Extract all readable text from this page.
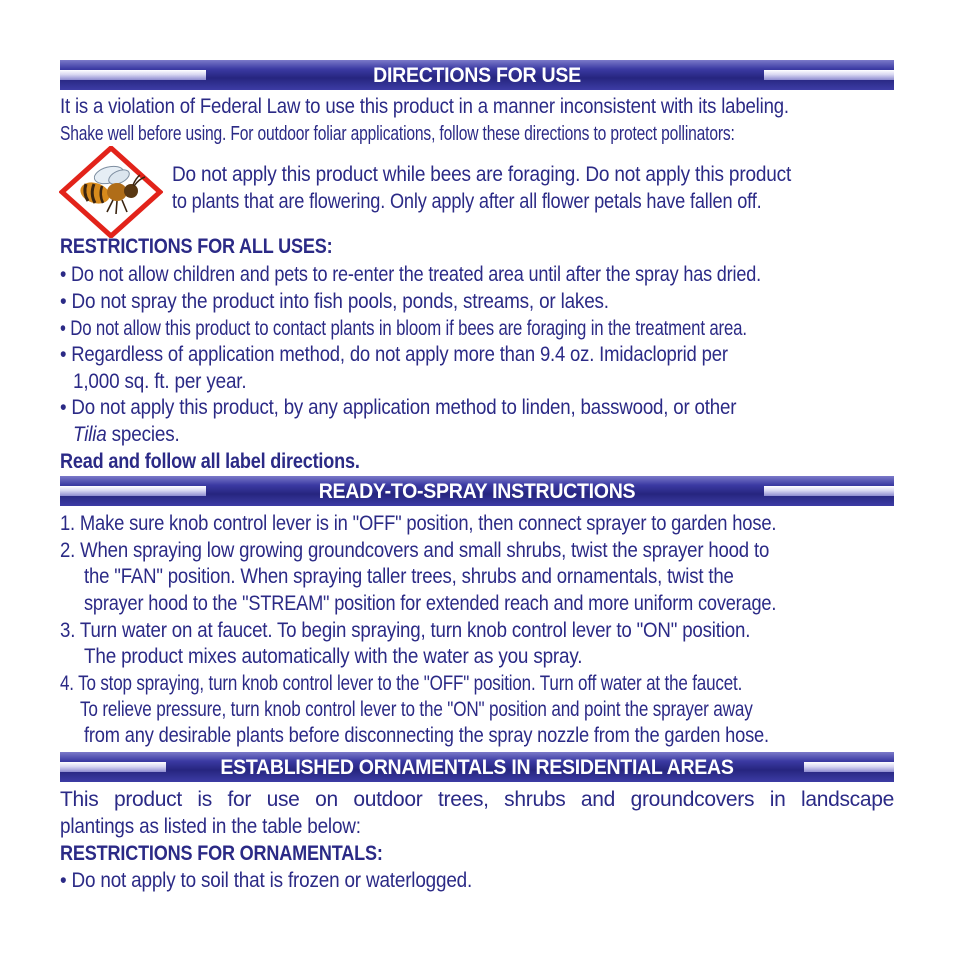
DIRECTIONS FOR USE
It is a violation of Federal Law to use this product in a manner inconsistent with its labeling.
Shake well before using. For outdoor foliar applications, follow these directions to protect pollinators:
Do not apply this product while bees are foraging. Do not apply this product
to plants that are flowering. Only apply after all flower petals have fallen off.
RESTRICTIONS FOR ALL USES:
• Do not allow children and pets to re-enter the treated area until after the spray has dried.
• Do not spray the product into fish pools, ponds, streams, or lakes.
• Do not allow this product to contact plants in bloom if bees are foraging in the treatment area.
• Regardless of application method, do not apply more than 9.4 oz. Imidacloprid per
1,000 sq. ft. per year.
• Do not apply this product, by any application method to linden, basswood, or other
Tilia species.
Read and follow all label directions.
READY-TO-SPRAY INSTRUCTIONS
1. Make sure knob control lever is in "OFF" position, then connect sprayer to garden hose.
2. When spraying low growing groundcovers and small shrubs, twist the sprayer hood to
the "FAN" position. When spraying taller trees, shrubs and ornamentals, twist the
sprayer hood to the "STREAM" position for extended reach and more uniform coverage.
3. Turn water on at faucet. To begin spraying, turn knob control lever to "ON" position.
The product mixes automatically with the water as you spray.
4. To stop spraying, turn knob control lever to the "OFF" position. Turn off water at the faucet.
To relieve pressure, turn knob control lever to the "ON" position and point the sprayer away
from any desirable plants before disconnecting the spray nozzle from the garden hose.
ESTABLISHED ORNAMENTALS IN RESIDENTIAL AREAS
This product is for use on outdoor trees, shrubs and groundcovers in landscape
plantings as listed in the table below:
RESTRICTIONS FOR ORNAMENTALS:
• Do not apply to soil that is frozen or waterlogged.
